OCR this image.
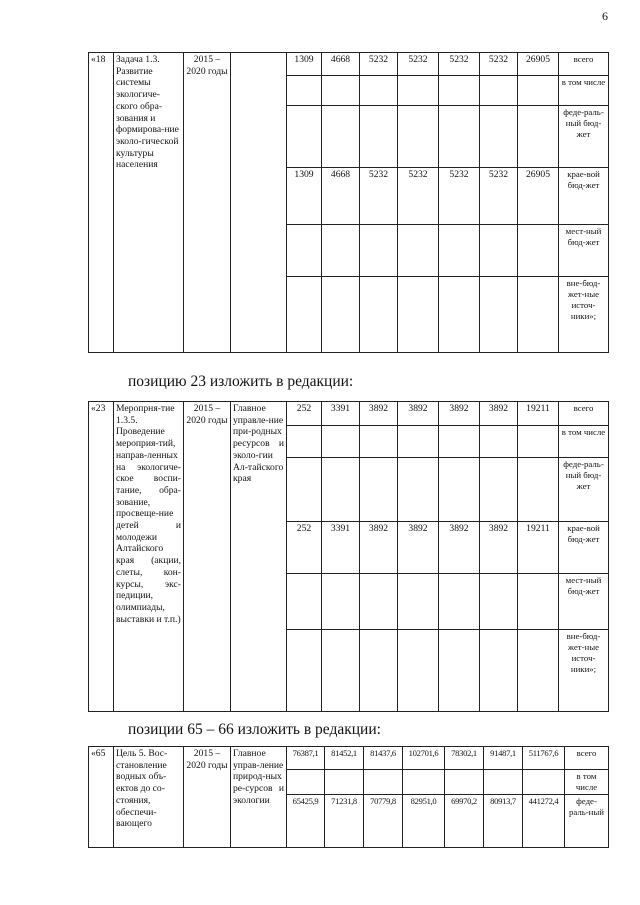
6
«18	Задача 1.3. Развитие системы экологиче-ского обра-зования и формирова-ние эколо-гической культуры населения	2015 – 2020 годы		1309	4668	5232	5232	5232	5232	26905	всего
											в том числе
											феде-раль-ный бюд-жет
				1309	4668	5232	5232	5232	5232	26905	крае-вой бюд-жет
											мест-ный бюд-жет
											вне-бюд-жет-ные источ-ники»;
позицию 23 изложить в редакции:
«23	Меропрня-тие 1.3.5. Проведение мероприя-тий, направ-ленных на экологиче-ское воспи-тание, обра-зование, просвеще-ние детей и молодежи Алтайского края (акции, слеты, кон-курсы, экс-педиции, олимпиады, выставки и т.п.)	2015 – 2020 годы	Главное управле-ние при-родных ресурсов и эколо-гии Ал-тайского края	252	3391	3892	3892	3892	3892	19211	всего
											в том числе
											феде-раль-ный бюд-жет
				252	3391	3892	3892	3892	3892	19211	крае-вой бюд-жет
											мест-ный бюд-жет
											вне-бюд-жет-ные источ-ники»;
позиции 65 – 66 изложить в редакции:
«65	Цель 5. Вос-становление водных объ-ектов до со-стояния, обеспечи-вающего	2015 – 2020 годы	Главное управ-ление природ-ных ре-сурсов и экологии	76387,1	81452,1	81437,6	102701,6	78302,1	91487,1	511767,6	всего
											в том числе
				65425,9	71231,8	70779,8	82951,0	69970,2	80913,7	441272,4	феде-раль-ный
